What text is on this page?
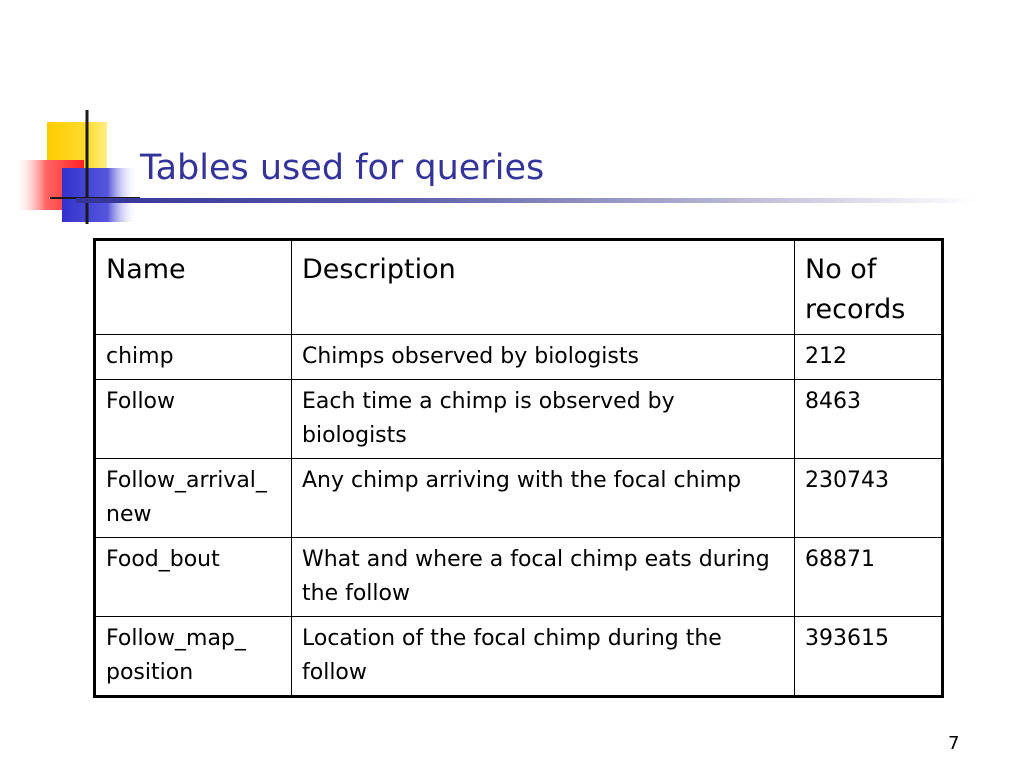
Tables used for queries
Name	Description	No of records
chimp	Chimps observed by biologists	212
Follow	Each time a chimp is observed by biologists	8463
Follow_arrival_ new	Any chimp arriving with the focal chimp	230743
Food_bout	What and where a focal chimp eats during the follow	68871
Follow_map_ position	Location of the focal chimp during the follow	393615
7
